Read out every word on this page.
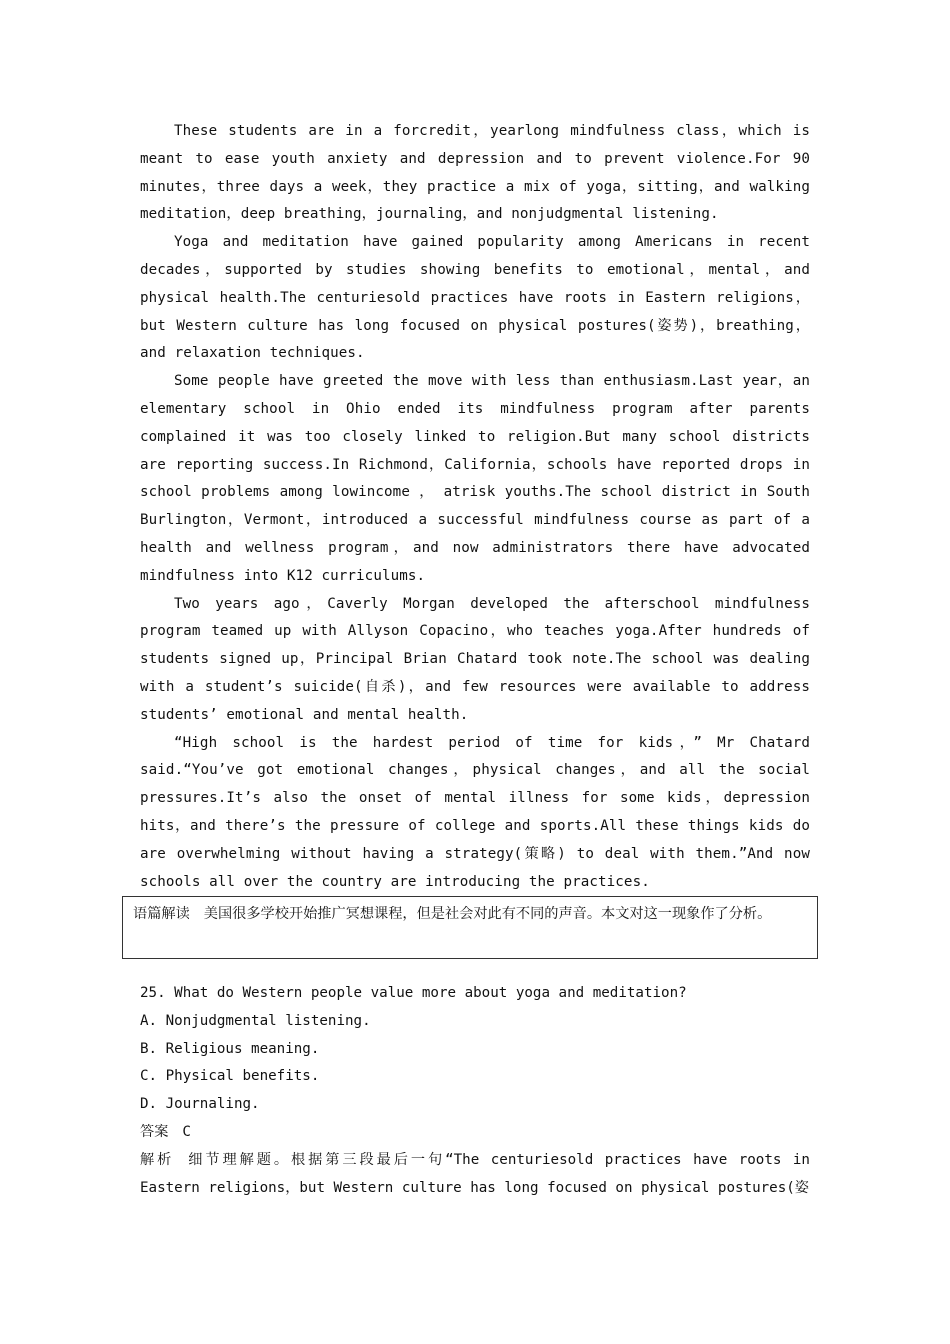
These students are in a forcredit，yearlong mindfulness class，which is meant to ease youth anxiety and depression and to prevent violence.For 90 minutes，three days a week，they practice a mix of yoga，sitting，and walking meditation，deep breathing，journaling，and nonjudgmental listening.

Yoga and meditation have gained popularity among Americans in recent decades，supported by studies showing benefits to emotional，mental，and physical health.The centuriesold practices have roots in Eastern religions，but Western culture has long focused on physical postures(姿势)，breathing，and relaxation techniques.

Some people have greeted the move with less than enthusiasm.Last year，an elementary school in Ohio ended its mindfulness program after parents complained it was too closely linked to religion.But many school districts are reporting success.In Richmond，California，schools have reported drops in school problems among lowincome ， atrisk youths.The school district in South Burlington，Vermont，introduced a successful mindfulness course as part of a health and wellness program，and now administrators there have advocated mindfulness into K12 curriculums.

Two years ago，Caverly Morgan developed the afterschool mindfulness program teamed up with Allyson Copacino，who teaches yoga.After hundreds of students signed up，Principal Brian Chatard took note.The school was dealing with a student’s suicide(自杀)，and few resources were available to address students’ emotional and mental health.

“High school is the hardest period of time for kids，” Mr Chatard said.“You’ve got emotional changes，physical changes，and all the social pressures.It’s also the onset of mental illness for some kids，depression hits，and there’s the pressure of college and sports.All these things kids do are overwhelming without having a strategy(策略) to deal with them.”And now schools all over the country are introducing the practices.

语篇解读 美国很多学校开始推广冥想课程，但是社会对此有不同的声音。本文对这一现象作了分析。

25. What do Western people value more about yoga and meditation?

A. Nonjudgmental listening.

B. Religious meaning.

C. Physical benefits.

D. Journaling.

答案 C

解析 细节理解题。根据第三段最后一句“The centuriesold practices have roots in Eastern religions，but Western culture has long focused on physical postures(姿
